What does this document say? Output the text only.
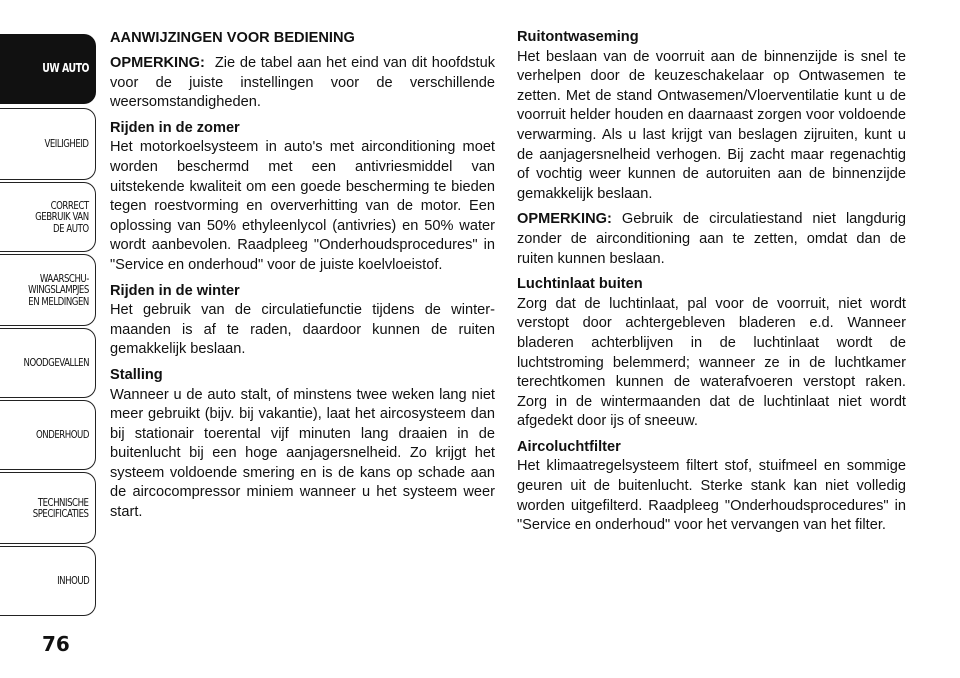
UW AUTO
VEILIGHEID
CORRECT
GEBRUIK VAN
DE AUTO
WAARSCHU-
WINGSLAMPJES
EN MELDINGEN
NOODGEVALLEN
ONDERHOUD
TECHNISCHE
SPECIFICATIES
INHOUD
76
AANWIJZINGEN VOOR BEDIENING

OPMERKING: Zie de tabel aan het eind van dit hoofdstuk voor de juiste instellingen voor de verschillende weersomstandigheden.

Rijden in de zomer

Het motorkoelsysteem in auto's met airconditioning moet worden beschermd met een antivriesmiddel van uitstekende kwaliteit om een goede bescherming te bieden tegen roestvorming en oververhitting van de motor. Een oplossing van 50% ethyleenlycol (antivries) en 50% water wordt aanbevolen. Raadpleeg "Onderhoudsprocedures" in "Service en onderhoud" voor de juiste koelvloeistof.

Rijden in de winter

Het gebruik van de circulatiefunctie tijdens de wintermaanden is af te raden, daardoor kunnen de ruiten gemakkelijk beslaan.

Stalling

Wanneer u de auto stalt, of minstens twee weken lang niet meer gebruikt (bijv. bij vakantie), laat het aircosysteem dan bij stationair toerental vijf minuten lang draaien in de buitenlucht bij een hoge aanjagersnelheid. Zo krijgt het systeem voldoende smering en is de kans op schade aan de aircocompressor miniem wanneer u het systeem weer start.

Ruitontwaseming

Het beslaan van de voorruit aan de binnenzijde is snel te verhelpen door de keuzeschakelaar op Ontwasemen te zetten. Met de stand Ontwasemen/Vloerventilatie kunt u de voorruit helder houden en daarnaast zorgen voor voldoende verwarming. Als u last krijgt van beslagen zijruiten, kunt u de aanjagersnelheid verhogen. Bij zacht maar regenachtig of vochtig weer kunnen de autoruiten aan de binnenzijde gemakkelijk beslaan.

OPMERKING: Gebruik de circulatiestand niet langdurig zonder de airconditioning aan te zetten, omdat dan de ruiten kunnen beslaan.

Luchtinlaat buiten

Zorg dat de luchtinlaat, pal voor de voorruit, niet wordt verstopt door achtergebleven bladeren e.d. Wanneer bladeren achterblijven in de luchtinlaat wordt de luchtstroming belemmerd; wanneer ze in de luchtkamer terechtkomen kunnen de waterafvoeren verstopt raken. Zorg in de wintermaanden dat de luchtinlaat niet wordt afgedekt door ijs of sneeuw.

Aircoluchtfilter

Het klimaatregelsysteem filtert stof, stuifmeel en sommige geuren uit de buitenlucht. Sterke stank kan niet volledig worden uitgefilterd. Raadpleeg "Onderhoudsprocedures" in "Service en onderhoud" voor het vervangen van het filter.
